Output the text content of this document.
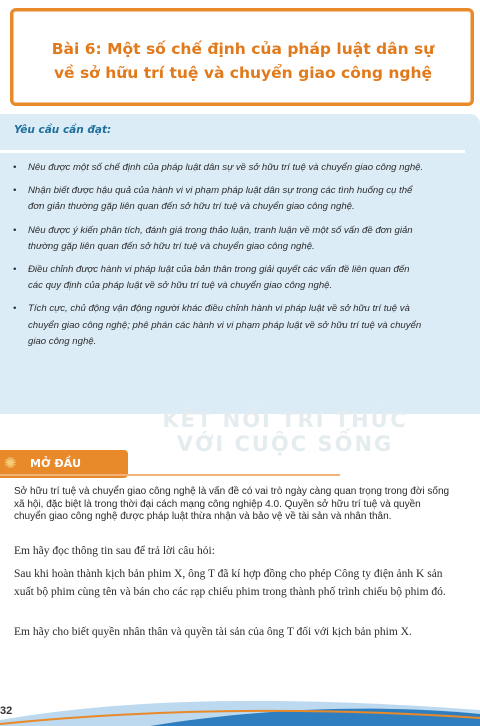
Bài 6: Một số chế định của pháp luật dân sự
về sở hữu trí tuệ và chuyển giao công nghệ
Yêu cầu cần đạt:
• Nêu được một số chế định của pháp luật dân sự về sở hữu trí tuệ và chuyển giao công nghệ.
• Nhận biết được hậu quả của hành vi vi phạm pháp luật dân sự trong các tình huống cụ thể đơn giản thường gặp liên quan đến sở hữu trí tuệ và chuyển giao công nghệ.
• Nêu được ý kiến phân tích, đánh giá trong thảo luận, tranh luận về một số vấn đề đơn giản thường gặp liên quan đến sở hữu trí tuệ và chuyển giao công nghệ.
• Điều chỉnh được hành vi pháp luật của bản thân trong giải quyết các vấn đề liên quan đến các quy định của pháp luật về sở hữu trí tuệ và chuyển giao công nghệ.
• Tích cực, chủ động vận động người khác điều chỉnh hành vi pháp luật về sở hữu trí tuệ và chuyển giao công nghệ; phê phán các hành vi vi phạm pháp luật về sở hữu trí tuệ và chuyển giao công nghệ.
KẾT NỐI TRI THỨC
VỚI CUỘC SỐNG
✺	MỞ ĐẦU

Sở hữu trí tuệ và chuyển giao công nghệ là vấn đề có vai trò ngày càng quan trọng trong đời sống xã hội, đặc biệt là trong thời đại cách mạng công nghiệp 4.0. Quyền sở hữu trí tuệ và quyền chuyển giao công nghệ được pháp luật thừa nhận và bảo vệ về tài sản và nhân thân.

Em hãy đọc thông tin sau để trả lời câu hỏi:

Sau khi hoàn thành kịch bản phim X, ông T đã kí hợp đồng cho phép Công ty điện ảnh K sản xuất bộ phim cùng tên và bán cho các rạp chiếu phim trong thành phố trình chiếu bộ phim đó.

Em hãy cho biết quyền nhân thân và quyền tài sản của ông T đối với kịch bản phim X.

32
